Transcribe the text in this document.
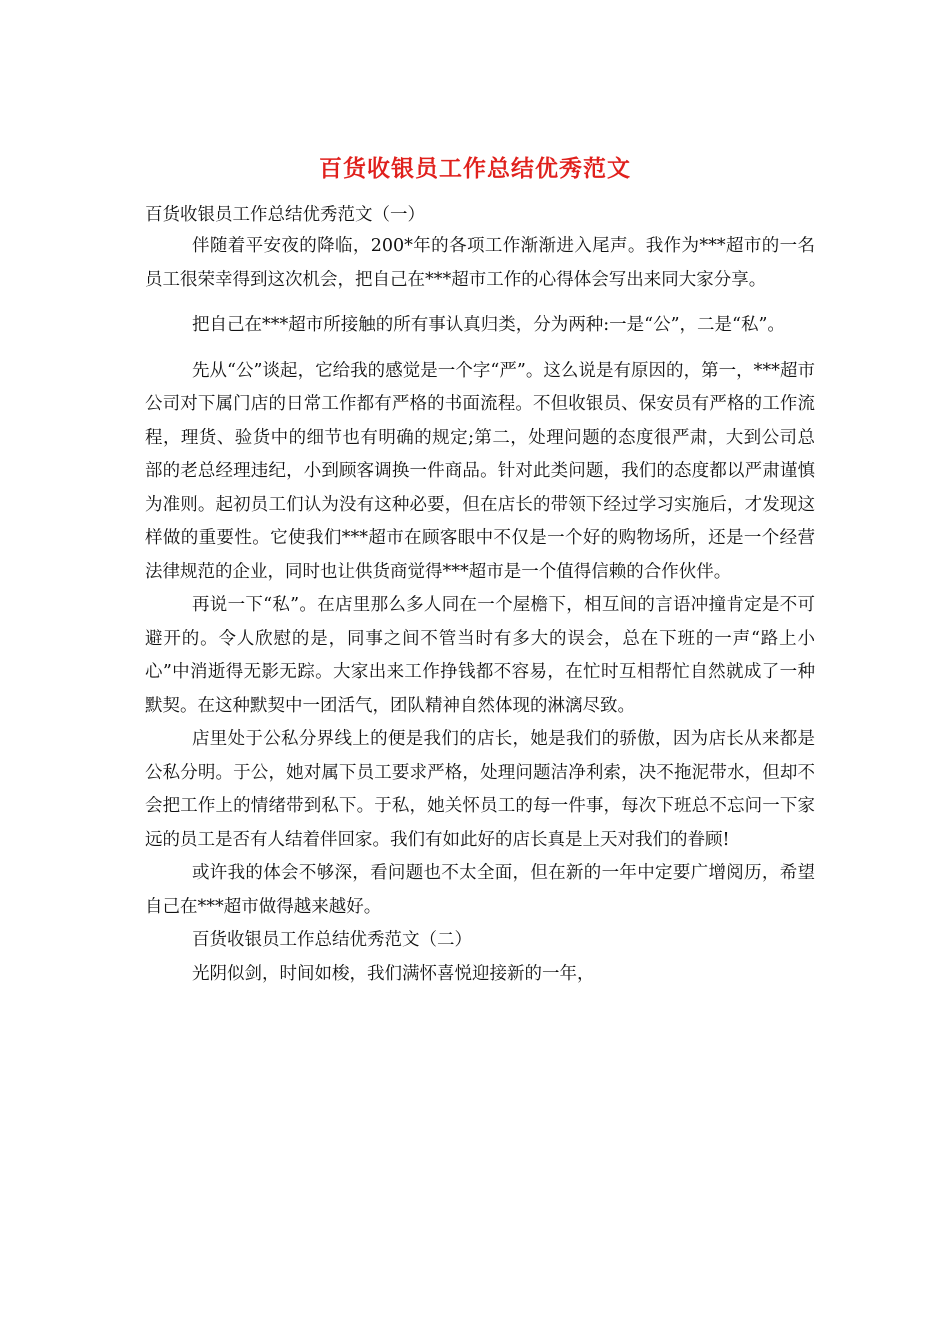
百货收银员工作总结优秀范文

百货收银员工作总结优秀范文（一）

伴随着平安夜的降临，200*年的各项工作渐渐进入尾声。我作为***超市的一名员工很荣幸得到这次机会，把自己在***超市工作的心得体会写出来同大家分享。

把自己在***超市所接触的所有事认真归类，分为两种:一是“公”，二是“私”。

先从“公”谈起，它给我的感觉是一个字“严”。这么说是有原因的，第一，***超市公司对下属门店的日常工作都有严格的书面流程。不但收银员、保安员有严格的工作流程，理货、验货中的细节也有明确的规定;第二，处理问题的态度很严肃，大到公司总部的老总经理违纪，小到顾客调换一件商品。针对此类问题，我们的态度都以严肃谨慎为准则。起初员工们认为没有这种必要，但在店长的带领下经过学习实施后，才发现这样做的重要性。它使我们***超市在顾客眼中不仅是一个好的购物场所，还是一个经营法律规范的企业，同时也让供货商觉得***超市是一个值得信赖的合作伙伴。

再说一下“私”。在店里那么多人同在一个屋檐下，相互间的言语冲撞肯定是不可避开的。令人欣慰的是，同事之间不管当时有多大的误会，总在下班的一声“路上小心”中消逝得无影无踪。大家出来工作挣钱都不容易，在忙时互相帮忙自然就成了一种默契。在这种默契中一团活气，团队精神自然体现的淋漓尽致。

店里处于公私分界线上的便是我们的店长，她是我们的骄傲，因为店长从来都是公私分明。于公，她对属下员工要求严格，处理问题洁净利索，决不拖泥带水，但却不会把工作上的情绪带到私下。于私，她关怀员工的每一件事，每次下班总不忘问一下家远的员工是否有人结着伴回家。我们有如此好的店长真是上天对我们的眷顾!

或许我的体会不够深，看问题也不太全面，但在新的一年中定要广增阅历，希望自己在***超市做得越来越好。

百货收银员工作总结优秀范文（二）

光阴似剑，时间如梭，我们满怀喜悦迎接新的一年，
